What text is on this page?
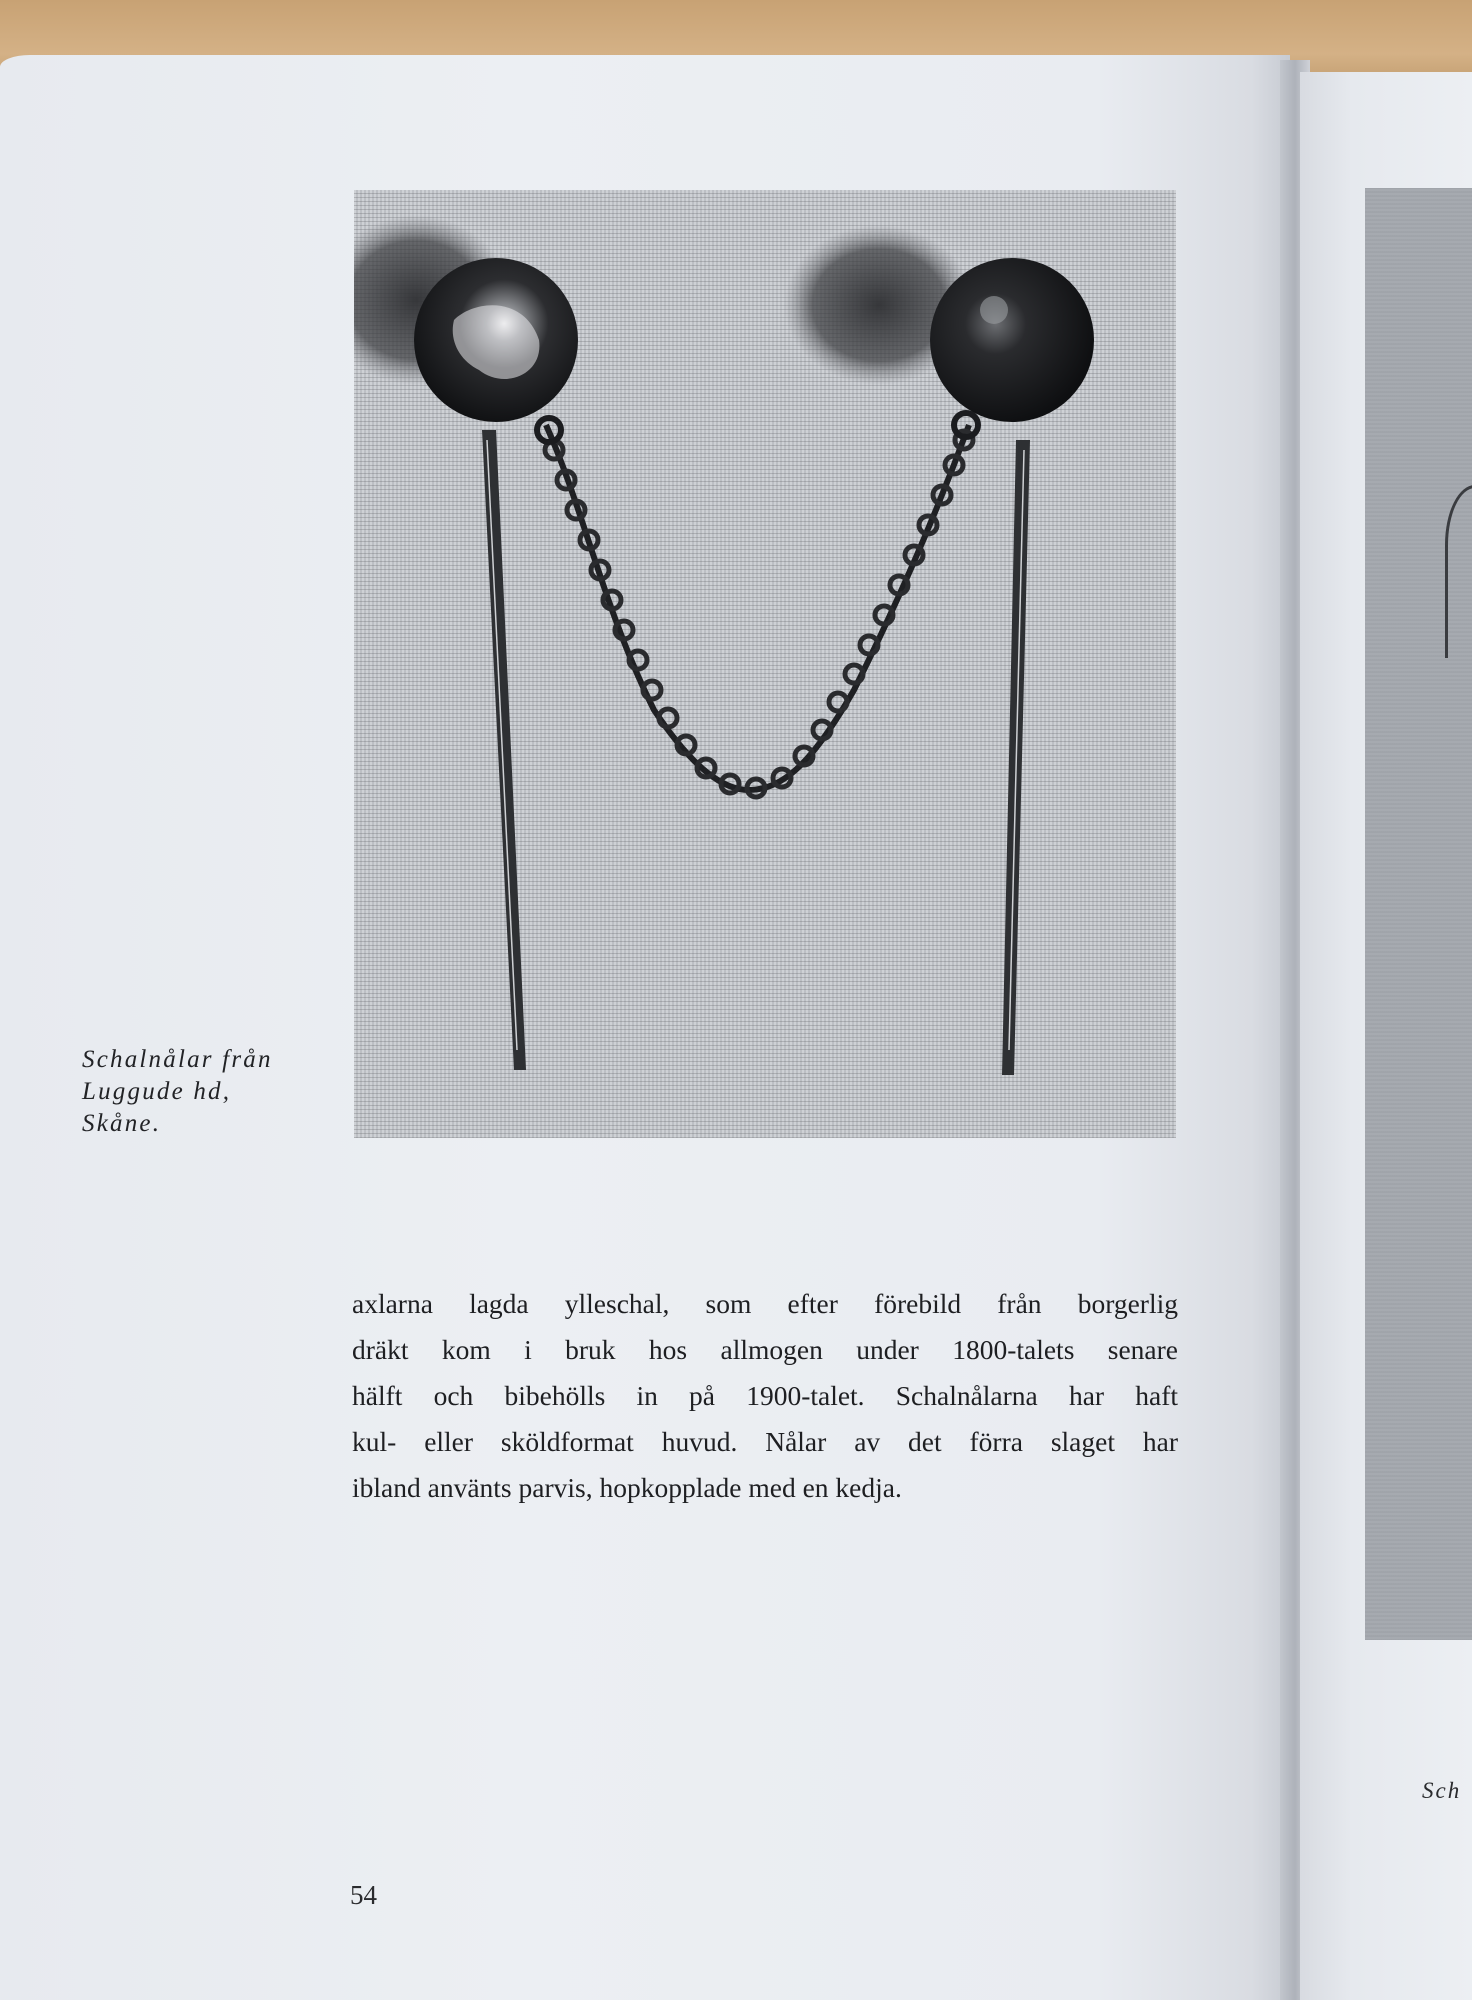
Sch

Schalnålar från
Luggude hd,
Skåne.

axlarna lagda ylleschal, som efter förebild från borgerlig
dräkt kom i bruk hos allmogen under 1800-talets senare
hälft och bibehölls in på 1900-talet. Schalnålarna har haft
kul- eller sköldformat huvud. Nålar av det förra slaget har
ibland använts parvis, hopkopplade med en kedja.
54
